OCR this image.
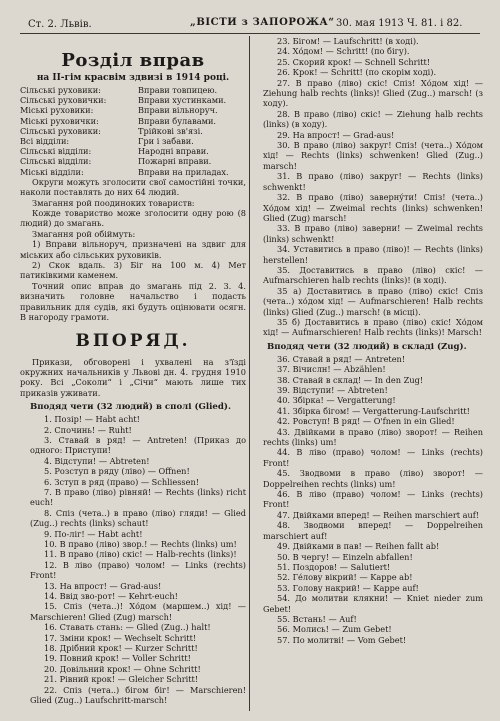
Ст. 2. Львів.	„ВІСТИ з ЗАПОРОЖА“ 30. мая 1913 Ч. 81. і 82.
Розділ вправ
на II-гім красвім здвизі в 1914 році.
Сільські руховики:	Вправи товпицею.
Сільські руховички:	Вправи хустинками.
Міські руховики:	Вправи вільноруч.
Міські руховички:	Вправи булавами.
Сільські руховики:	Трійкові зв'язі.
Всі відділи:	Гри і забави.
Сільські відділи:	Народні вправи.
Сільські відділи:	Пожарні вправи.
Міські відділи:	Вправи на приладах.

Округи можуть зголосити свої самостійні точки, наколи поставлять до них 64 людий.

Змагання рой поодиноких товариств:

Кожде товариство може зголосити одну рою (8 людий) до змагань.

Змагання рой обіймуть:

1) Вправи вільноруч, призначені на здвиг для міських або сільських руховиків.

2) Скок вдаль. 3) Біг на 100 м. 4) Мет патиківкими каменем.

Точний опис вправ до змагань під 2. 3. 4. визначить головне начальство і подасть правильник для судів, які будуть оцінювати осягн. В нагороду грамоти.

ВПОРЯД.

Прикази, обговорені і ухвалені на з'їзді окружних начальників у Львові дн. 4. грудня 1910 року. Всі „Соколи“ і „Січи“ мають лише тих приказів уживати.

Вподяд чети (32 людий) в сполі (Glied).

1. Позір! — Habt acht!

2. Спочинь! — Ruht!

3. Ставай в ряд! — Antreten! (Приказ до одного: Приступи!

4. Відступи! — Abtreten!

5. Розступ в ряду (ліво) — Offnen!

6. Зступ в ряд (право) — Schliessen!

7. В право (ліво) рівняй! — Rechts (links) richt euch!

8. Спіз (чета..) в право (ліво) гляди! — Glied (Zug..) rechts (links) schaut!

9. По-ліг! — Habt acht!

10. В право (ліво) звор.! — Rechts (links) um!

11. В право (ліво) скіс! — Halb-rechts (links)!

12. В ліво (право) чолом! — Links (rechts) Front!

13. На впрост! — Grad-aus!

14. Ввід зво-рот! — Kehrt-euch!

15. Спіз (чета..)! Хо́дом (маршем..) хід! — Marschieren! Glied (Zug) marsch!

16. Ставать стань: — Glied (Zug..) halt!

17. Зміни крок! — Wechselt Schritt!

18. Дрібний крок! — Kurzer Schritt!

19. Повний крок! — Voller Schritt!

20. Довільний крок! — Ohne Schritt!

21. Рівний крок! — Gleicher Schritt!

22. Спіз (чета..) бігом біг! — Marschieren! Glied (Zug..) Laufschritt-marsch!

23. Бігом! — Laufschritt! (в ході).

24. Хо́дом! — Schritt! (по бігу).

25. Скорий крок! — Schnell Schritt!

26. Крок! — Schritt! (по скорім ході).

27. В право (ліво) скіс! Спіз! Хо́дом хід! — Ziehung halb rechts (links)! Glied (Zug..) marsch! (з ходу).

28. В право (ліво) скіс! — Ziehung halb rechts (links) (в ходу).

29. На впрост! — Grad-aus!

30. В право (ліво) закруг! Спіз! (чета..) Хо́дом хід! — Rechts (links) schwenken! Glied (Zug..) marsch!

31. В право (ліво) закруг! — Rechts (links) schwenkt!

32. В право (ліво) заверну́ти! Спіз! (чета..) Хо́дом хід! — Zweimal rechts (links) schwenken! Glied (Zug) marsch!

33. В право (ліво) заверни! — Zweimal rechts (links) schwenkt!

34. Уставитись в право (ліво)! — Rechts (links) herstellen!

35. Доставитись в право (ліво) скіс! — Aufmarschieren halb rechts (links)! (в ході).

35 а) Доставитись в право (ліво) скіс! Спіз (чета..) хо́дом хід! — Aufmarschieren! Halb rechts (links) Glied (Zug..) marsch! (в місці).

35 б) Доставитись в право (ліво) скіс! Хо́дом хід! — Aufmarschieren! Halb rechts (links)! Marsch!

Вподяд чети (32 людий) в складі (Zug).

36. Ставай в ряд! — Antreten!

37. Вічислн! — Abzählen!

38. Ставай в склад! — In den Zug!

39. Відступи! — Abtreten!

40. Збірка! — Vergatterung!

41. Збірка бігом! — Vergatterung-Laufschritt!

42. Ровступ! В ряд! — O'fnen in ein Glied!

43. Двійками в право (ліво) зворот! — Reihen rechts (links) um!

44. В ліво (право) чолом! — Links (rechts) Front!

45. Зводвоми в право (ліво) зворот! — Doppelreihen rechts (links) um!

46. В ліво (право) чолом! — Links (rechts) Front!

47. Двійками вперед! — Reihen marschiert auf!

48. Зводвоми вперед! — Doppelreihen marschiert auf!

49. Двійками в пав! — Reihen fallt ab!

50. В чергу! — Einzeln abfallen!

51. Поздоров! — Salutiert!

52. Ге́лову вікрий! — Kappe ab!

53. Голову накрий! — Kappe auf!

54. До молитви клякни! — Kniet nieder zum Gebet!

55. Встань! — Auf!

56. Молись! — Zum Gebet!

57. По молитві! — Vom Gebet!
